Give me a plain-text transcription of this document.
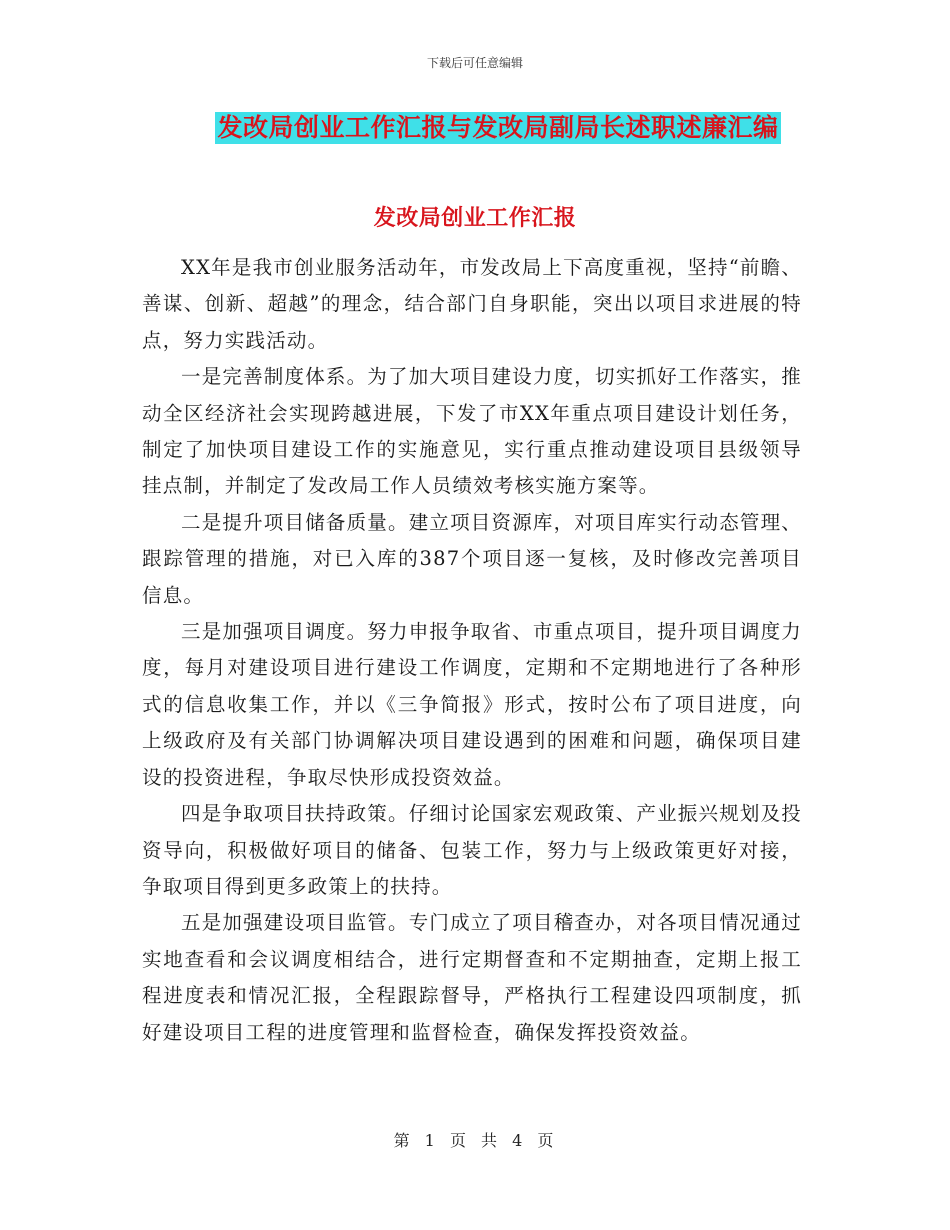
下载后可任意编辑
发改局创业工作汇报与发改局副局长述职述廉汇编
发改局创业工作汇报

XX年是我市创业服务活动年，市发改局上下高度重视，坚持“前瞻、善谋、创新、超越”的理念，结合部门自身职能，突出以项目求进展的特点，努力实践活动。

一是完善制度体系。为了加大项目建设力度，切实抓好工作落实，推动全区经济社会实现跨越进展，下发了市XX年重点项目建设计划任务，制定了加快项目建设工作的实施意见，实行重点推动建设项目县级领导挂点制，并制定了发改局工作人员绩效考核实施方案等。

二是提升项目储备质量。建立项目资源库，对项目库实行动态管理、跟踪管理的措施，对已入库的387个项目逐一复核，及时修改完善项目信息。

三是加强项目调度。努力申报争取省、市重点项目，提升项目调度力度，每月对建设项目进行建设工作调度，定期和不定期地进行了各种形式的信息收集工作，并以《三争简报》形式，按时公布了项目进度，向上级政府及有关部门协调解决项目建设遇到的困难和问题，确保项目建设的投资进程，争取尽快形成投资效益。

四是争取项目扶持政策。仔细讨论国家宏观政策、产业振兴规划及投资导向，积极做好项目的储备、包装工作，努力与上级政策更好对接，争取项目得到更多政策上的扶持。

五是加强建设项目监管。专门成立了项目稽查办，对各项目情况通过实地查看和会议调度相结合，进行定期督查和不定期抽查，定期上报工程进度表和情况汇报，全程跟踪督导，严格执行工程建设四项制度，抓好建设项目工程的进度管理和监督检查，确保发挥投资效益。

第 1 页 共 4 页
